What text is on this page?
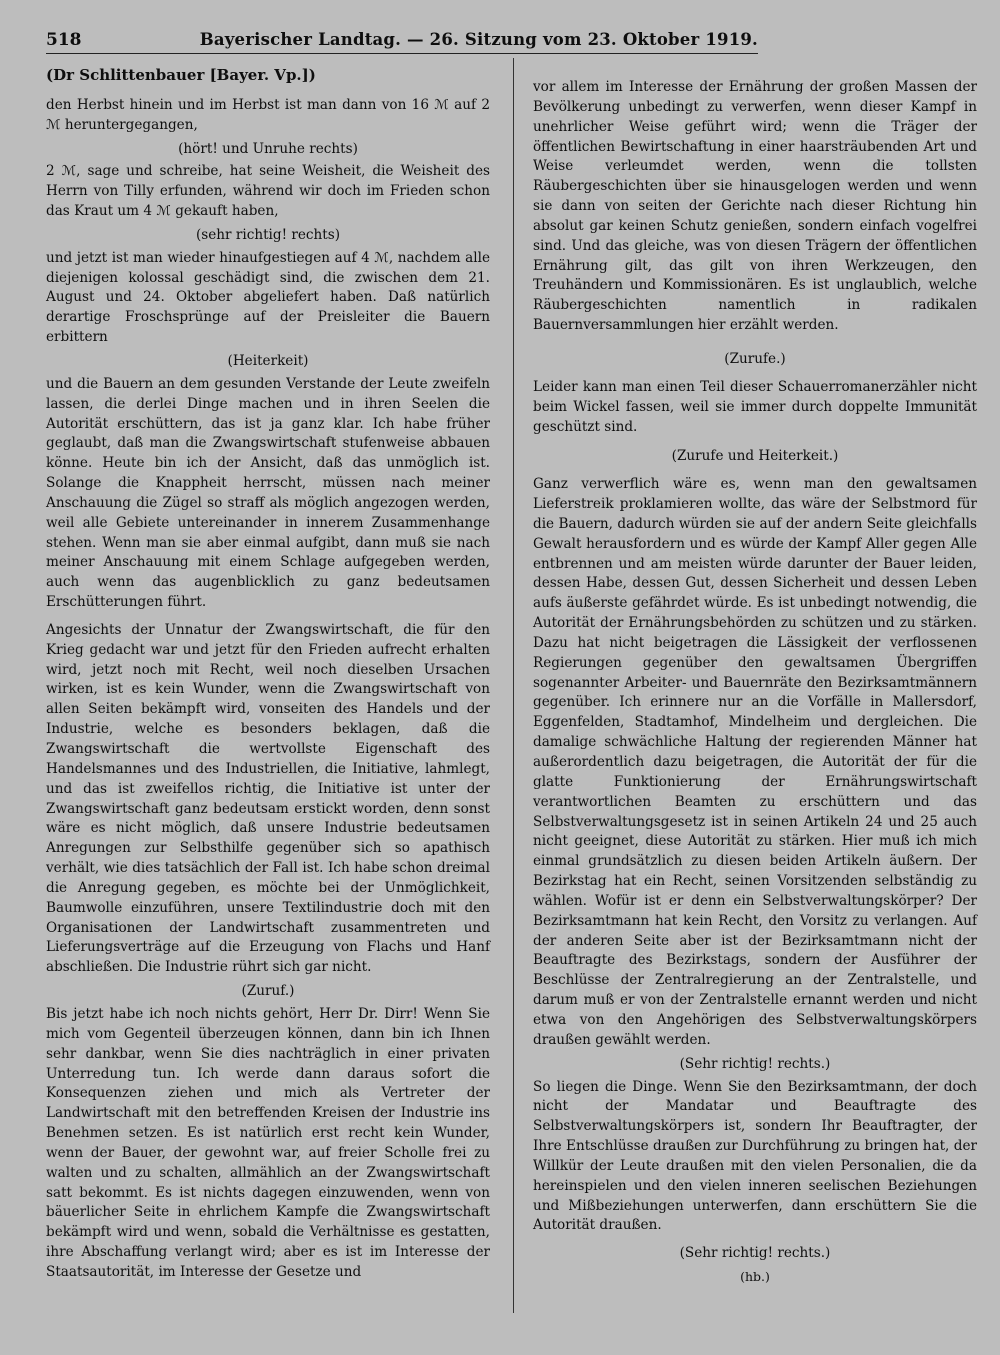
518	Bayerischer Landtag. — 26. Sitzung vom 23. Oktober 1919.

(Dr Schlittenbauer [Bayer. Vp.])

den Herbst hinein und im Herbst ist man dann von 16 ℳ auf 2 ℳ heruntergegangen,

(hört! und Unruhe rechts)

2 ℳ, sage und schreibe, hat seine Weisheit, die Weisheit des Herrn von Tilly erfunden, während wir doch im Frieden schon das Kraut um 4 ℳ gekauft haben,

(sehr richtig! rechts)

und jetzt ist man wieder hinaufgestiegen auf 4 ℳ, nachdem alle diejenigen kolossal geschädigt sind, die zwischen dem 21. August und 24. Oktober abgeliefert haben. Daß natürlich derartige Froschsprünge auf der Preisleiter die Bauern erbittern

(Heiterkeit)

und die Bauern an dem gesunden Verstande der Leute zweifeln lassen, die derlei Dinge machen und in ihren Seelen die Autorität erschüttern, das ist ja ganz klar. Ich habe früher geglaubt, daß man die Zwangswirtschaft stufenweise abbauen könne. Heute bin ich der Ansicht, daß das unmöglich ist. Solange die Knappheit herrscht, müssen nach meiner Anschauung die Zügel so straff als möglich angezogen werden, weil alle Gebiete untereinander in innerem Zusammenhange stehen. Wenn man sie aber einmal aufgibt, dann muß sie nach meiner Anschauung mit einem Schlage aufgegeben werden, auch wenn das augenblicklich zu ganz bedeutsamen Erschütterungen führt.

Angesichts der Unnatur der Zwangswirtschaft, die für den Krieg gedacht war und jetzt für den Frieden aufrecht erhalten wird, jetzt noch mit Recht, weil noch dieselben Ursachen wirken, ist es kein Wunder, wenn die Zwangswirtschaft von allen Seiten bekämpft wird, vonseiten des Handels und der Industrie, welche es besonders beklagen, daß die Zwangswirtschaft die wertvollste Eigenschaft des Handelsmannes und des Industriellen, die Initiative, lahmlegt, und das ist zweifellos richtig, die Initiative ist unter der Zwangswirtschaft ganz bedeutsam erstickt worden, denn sonst wäre es nicht möglich, daß unsere Industrie bedeutsamen Anregungen zur Selbsthilfe gegenüber sich so apathisch verhält, wie dies tatsächlich der Fall ist. Ich habe schon dreimal die Anregung gegeben, es möchte bei der Unmöglichkeit, Baumwolle einzuführen, unsere Textilindustrie doch mit den Organisationen der Landwirtschaft zusammentreten und Lieferungsverträge auf die Erzeugung von Flachs und Hanf abschließen. Die Industrie rührt sich gar nicht.

(Zuruf.)

Bis jetzt habe ich noch nichts gehört, Herr Dr. Dirr! Wenn Sie mich vom Gegenteil überzeugen können, dann bin ich Ihnen sehr dankbar, wenn Sie dies nachträglich in einer privaten Unterredung tun. Ich werde dann daraus sofort die Konsequenzen ziehen und mich als Vertreter der Landwirtschaft mit den betreffenden Kreisen der Industrie ins Benehmen setzen. Es ist natürlich erst recht kein Wunder, wenn der Bauer, der gewohnt war, auf freier Scholle frei zu walten und zu schalten, allmählich an der Zwangswirtschaft satt bekommt. Es ist nichts dagegen einzuwenden, wenn von bäuerlicher Seite in ehrlichem Kampfe die Zwangswirtschaft bekämpft wird und wenn, sobald die Verhältnisse es gestatten, ihre Abschaffung verlangt wird; aber es ist im Interesse der Staatsautorität, im Interesse der Gesetze und

vor allem im Interesse der Ernährung der großen Massen der Bevölkerung unbedingt zu verwerfen, wenn dieser Kampf in unehrlicher Weise geführt wird; wenn die Träger der öffentlichen Bewirtschaftung in einer haarsträubenden Art und Weise verleumdet werden, wenn die tollsten Räubergeschichten über sie hinausgelogen werden und wenn sie dann von seiten der Gerichte nach dieser Richtung hin absolut gar keinen Schutz genießen, sondern einfach vogelfrei sind. Und das gleiche, was von diesen Trägern der öffentlichen Ernährung gilt, das gilt von ihren Werkzeugen, den Treuhändern und Kommissionären. Es ist unglaublich, welche Räubergeschichten namentlich in radikalen Bauernversammlungen hier erzählt werden.

(Zurufe.)

Leider kann man einen Teil dieser Schauerromanerzähler nicht beim Wickel fassen, weil sie immer durch doppelte Immunität geschützt sind.

(Zurufe und Heiterkeit.)

Ganz verwerflich wäre es, wenn man den gewaltsamen Lieferstreik proklamieren wollte, das wäre der Selbstmord für die Bauern, dadurch würden sie auf der andern Seite gleichfalls Gewalt herausfordern und es würde der Kampf Aller gegen Alle entbrennen und am meisten würde darunter der Bauer leiden, dessen Habe, dessen Gut, dessen Sicherheit und dessen Leben aufs äußerste gefährdet würde. Es ist unbedingt notwendig, die Autorität der Ernährungsbehörden zu schützen und zu stärken. Dazu hat nicht beigetragen die Lässigkeit der verflossenen Regierungen gegenüber den gewaltsamen Übergriffen sogenannter Arbeiter- und Bauernräte den Bezirksamtmännern gegenüber. Ich erinnere nur an die Vorfälle in Mallersdorf, Eggenfelden, Stadtamhof, Mindelheim und dergleichen. Die damalige schwächliche Haltung der regierenden Männer hat außerordentlich dazu beigetragen, die Autorität der für die glatte Funktionierung der Ernährungswirtschaft verantwortlichen Beamten zu erschüttern und das Selbstverwaltungsgesetz ist in seinen Artikeln 24 und 25 auch nicht geeignet, diese Autorität zu stärken. Hier muß ich mich einmal grundsätzlich zu diesen beiden Artikeln äußern. Der Bezirkstag hat ein Recht, seinen Vorsitzenden selbständig zu wählen. Wofür ist er denn ein Selbstverwaltungskörper? Der Bezirksamtmann hat kein Recht, den Vorsitz zu verlangen. Auf der anderen Seite aber ist der Bezirksamtmann nicht der Beauftragte des Bezirkstags, sondern der Ausführer der Beschlüsse der Zentralregierung an der Zentralstelle, und darum muß er von der Zentralstelle ernannt werden und nicht etwa von den Angehörigen des Selbstverwaltungskörpers draußen gewählt werden.

(Sehr richtig! rechts.)

So liegen die Dinge. Wenn Sie den Bezirksamtmann, der doch nicht der Mandatar und Beauftragte des Selbstverwaltungskörpers ist, sondern Ihr Beauftragter, der Ihre Entschlüsse draußen zur Durchführung zu bringen hat, der Willkür der Leute draußen mit den vielen Personalien, die da hereinspielen und den vielen inneren seelischen Beziehungen und Mißbeziehungen unterwerfen, dann erschüttern Sie die Autorität draußen.

(Sehr richtig! rechts.)

(hb.)
